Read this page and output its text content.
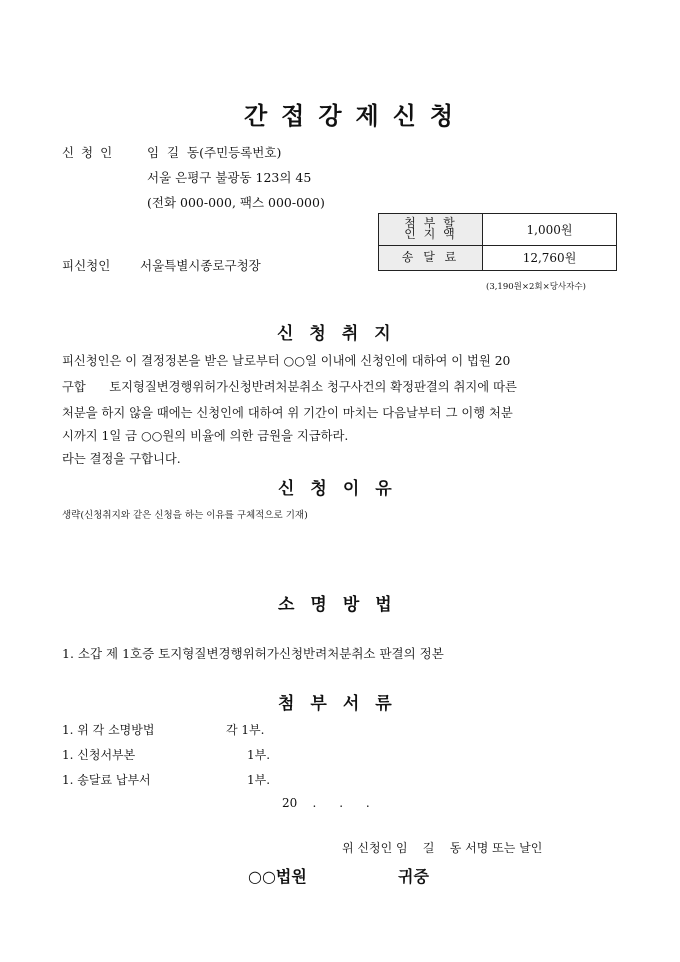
간접강제신청
신 청 인	임  길  동(주민등록번호)
서울 은평구 불광동 123의 45
(전화 000-000, 팩스 000-000)
첨 부 할
인 지 액	1,000원
송 달 료	12,760원
피신청인 서울특별시종로구청장
(3,190원×2회×당사자수)
신청취지
피신청인은 이 결정정본을 받은 날로부터 ○○일 이내에 신청인에 대하여 이 법원 20
구합      토지형질변경행위허가신청반려처분취소 청구사건의 확정판결의 취지에 따른
처분을 하지 않을 때에는 신청인에 대하여 위 기간이 마치는 다음날부터 그 이행 처분
시까지 1일 금 ○○원의 비율에 의한 금원을 지급하라.
라는 결정을 구합니다.
신청이유
생략(신청취지와 같은 신청을 하는 이유를 구체적으로 기재)
소명방법
1. 소갑 제 1호증 토지형질변경행위허가신청반려처분취소 판결의 정본
첨부서류
1. 위 각 소명방법	각 1부.
1. 신청서부본	1부.
1. 송달료 납부서	1부.
20    .      .      .
위 신청인 임    길    동 서명 또는 날인
○○법원	귀중
